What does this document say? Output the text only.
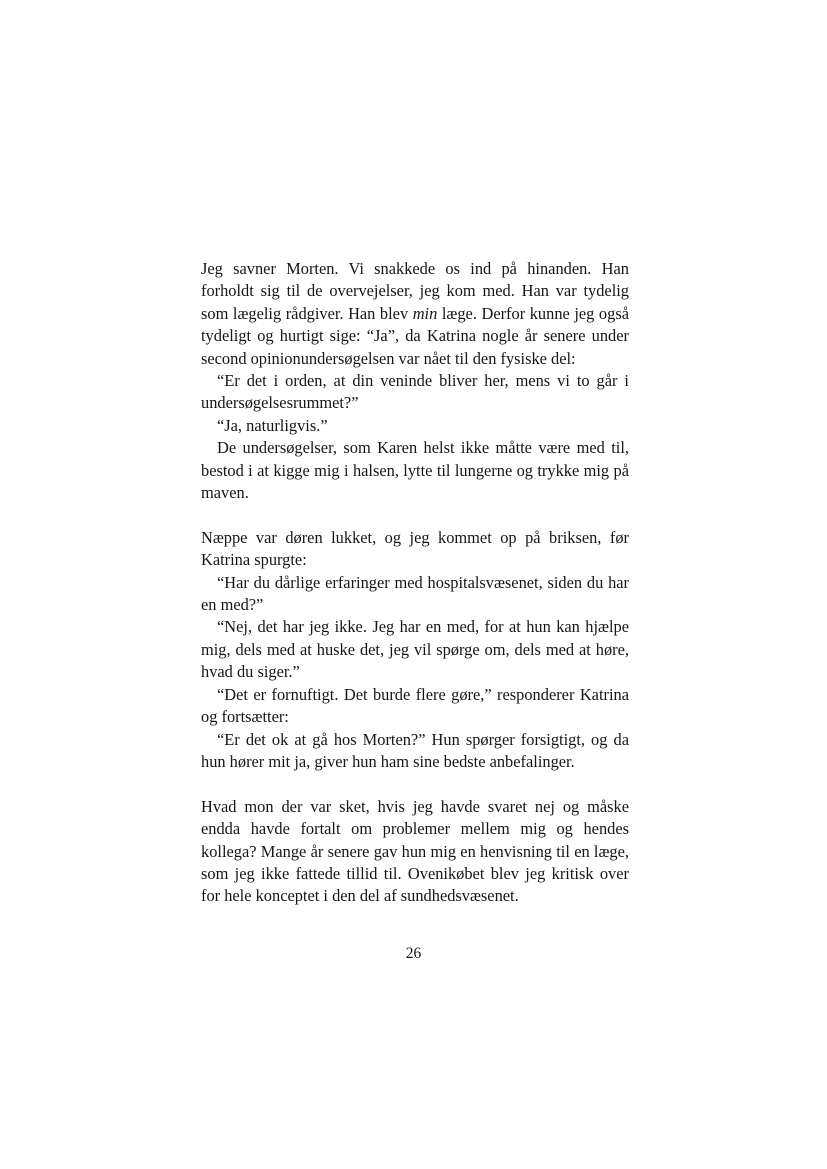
Jeg savner Morten. Vi snakkede os ind på hinanden. Han forholdt sig til de overvejelser, jeg kom med. Han var tydelig som lægelig rådgiver. Han blev min læge. Derfor kunne jeg også tydeligt og hurtigt sige: “Ja”, da Katrina nogle år senere under second opinionundersøgelsen var nået til den fysiske del:

“Er det i orden, at din veninde bliver her, mens vi to går i undersøgelsesrummet?”

“Ja, naturligvis.”

De undersøgelser, som Karen helst ikke måtte være med til, bestod i at kigge mig i halsen, lytte til lungerne og trykke mig på maven.

Næppe var døren lukket, og jeg kommet op på briksen, før Katrina spurgte:

“Har du dårlige erfaringer med hospitalsvæsenet, siden du har en med?”

“Nej, det har jeg ikke. Jeg har en med, for at hun kan hjælpe mig, dels med at huske det, jeg vil spørge om, dels med at høre, hvad du siger.”

“Det er fornuftigt. Det burde flere gøre,” responderer Katrina og fortsætter:

“Er det ok at gå hos Morten?” Hun spørger forsigtigt, og da hun hører mit ja, giver hun ham sine bedste anbefalinger.

Hvad mon der var sket, hvis jeg havde svaret nej og måske endda havde fortalt om problemer mellem mig og hendes kollega? Mange år senere gav hun mig en henvisning til en læge, som jeg ikke fattede tillid til. Ovenikøbet blev jeg kritisk over for hele konceptet i den del af sundhedsvæsenet.

26
